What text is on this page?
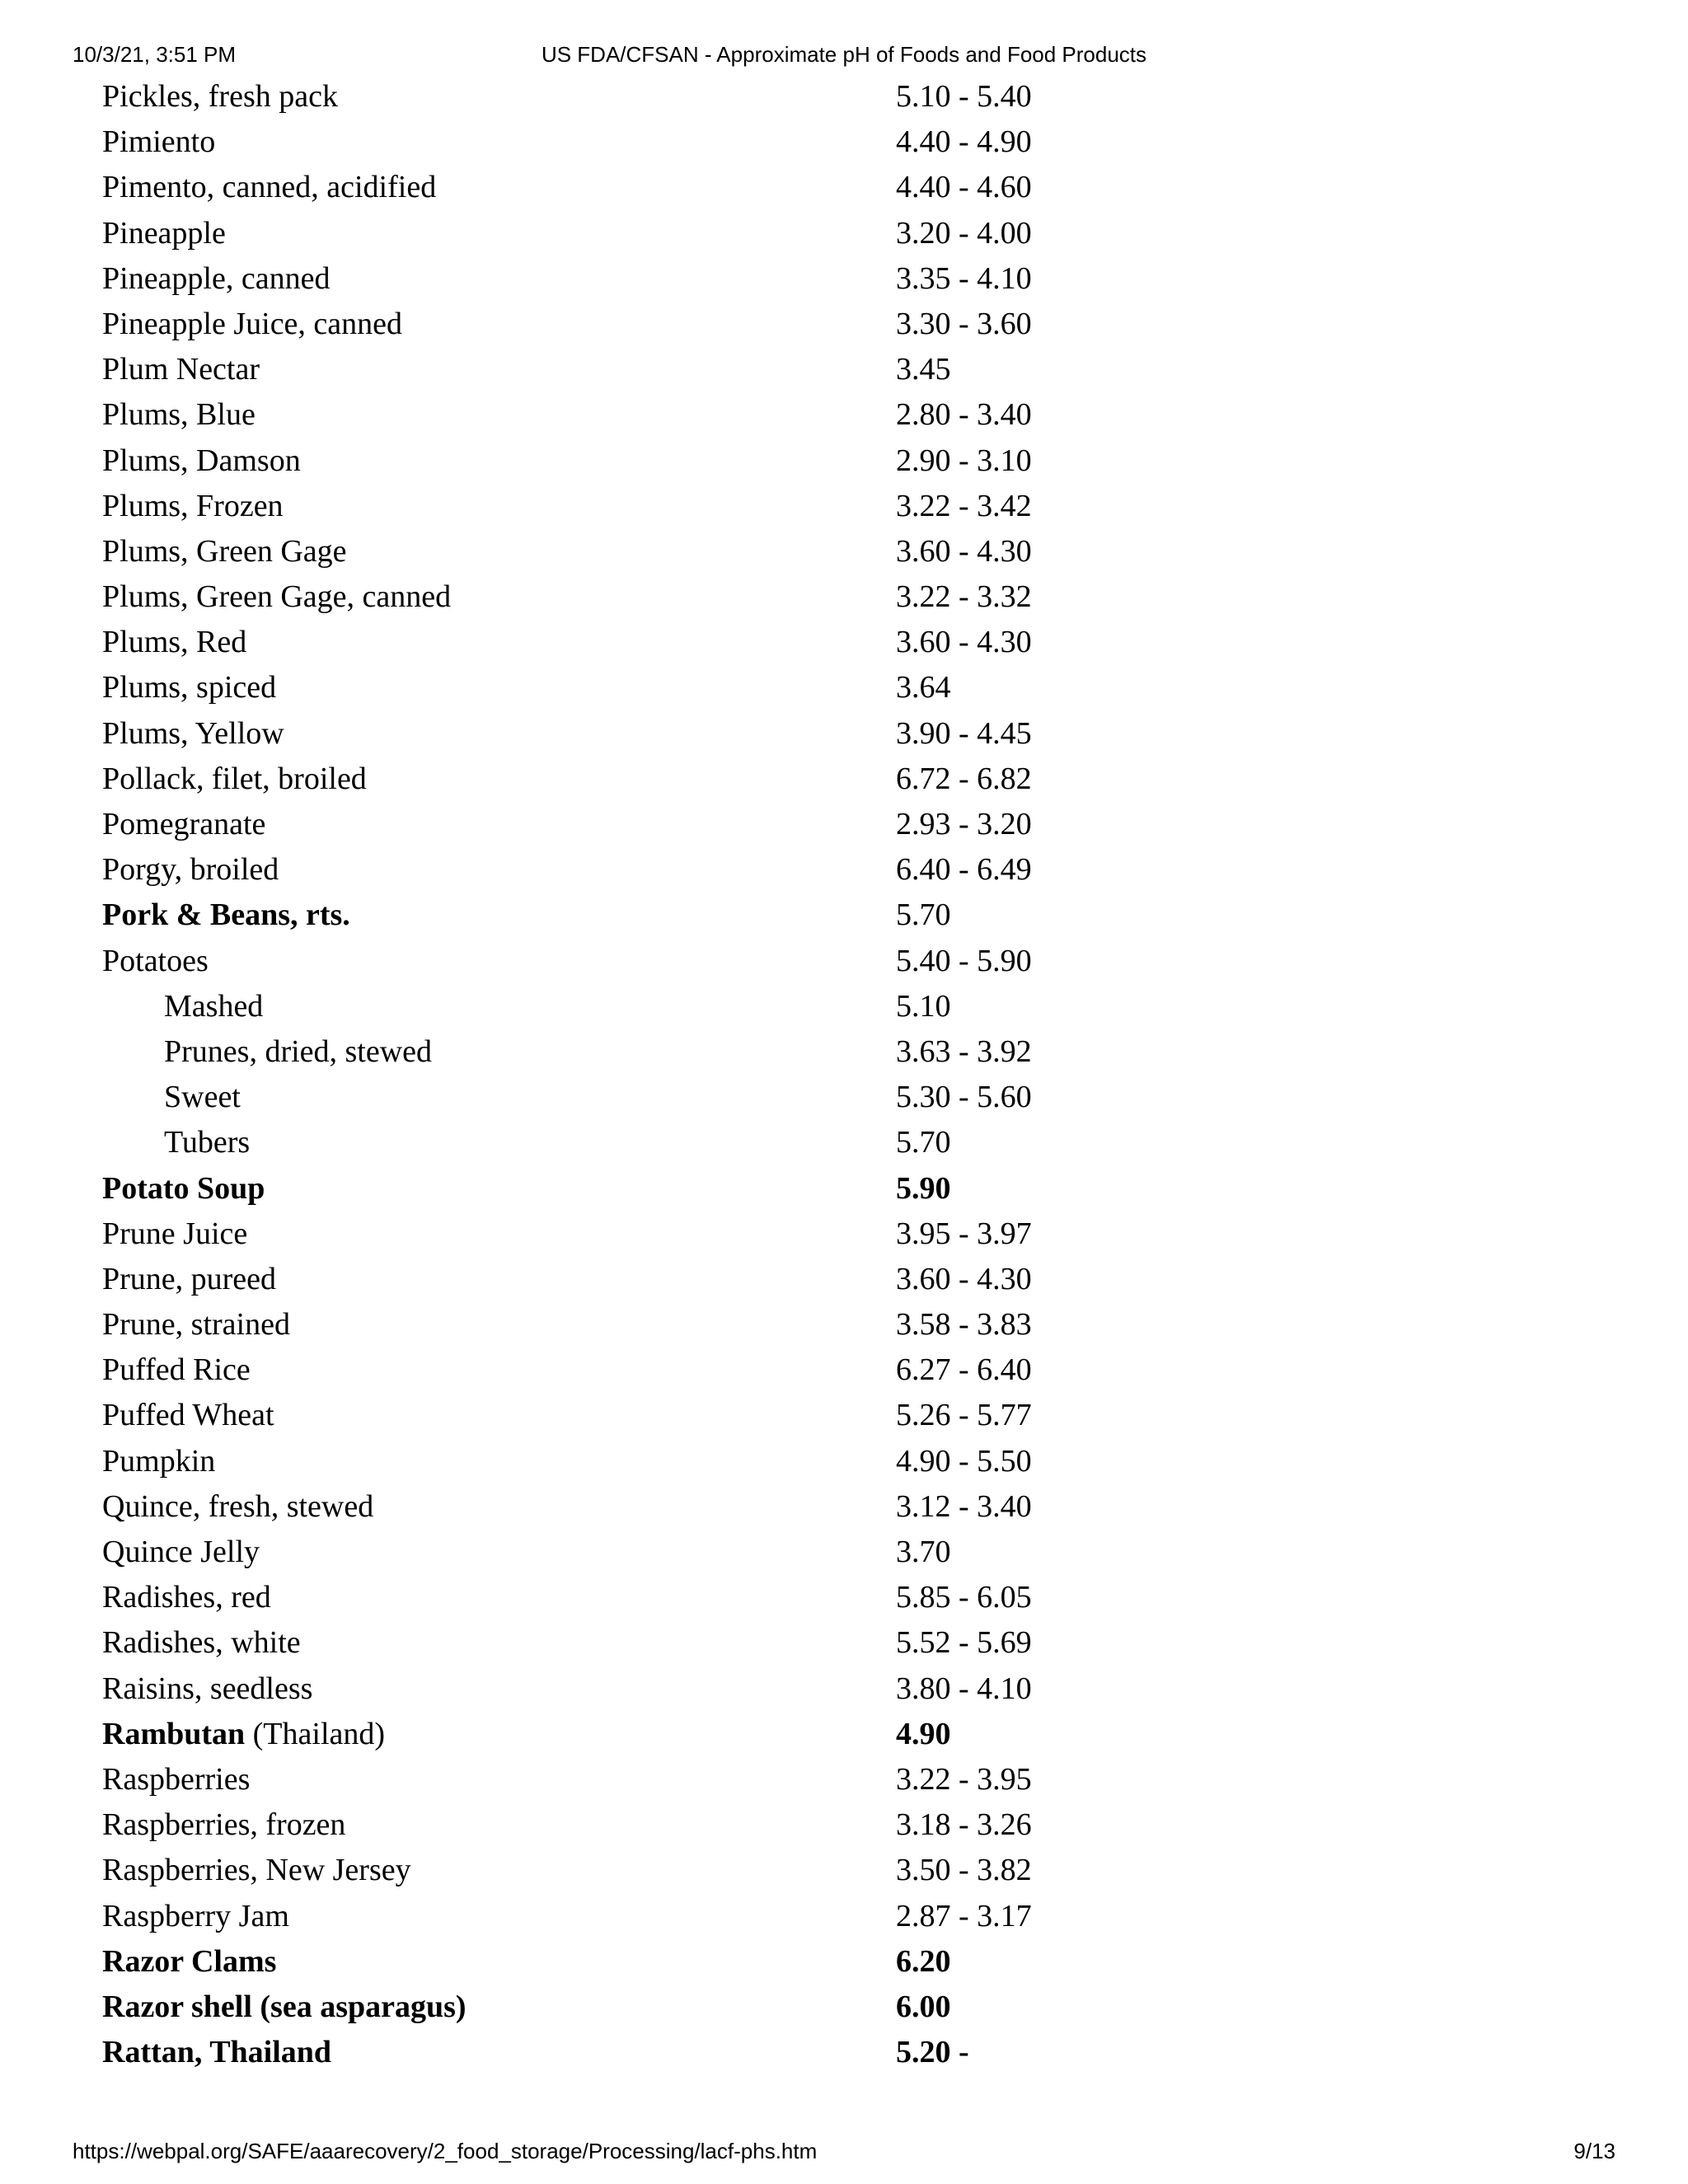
US FDA/CFSAN - Approximate pH of Foods and Food Products
10/3/21, 3:51 PM
Pickles, fresh pack	5.10 - 5.40
Pimiento	4.40 - 4.90
Pimento, canned, acidified	4.40 - 4.60
Pineapple	3.20 - 4.00
Pineapple, canned	3.35 - 4.10
Pineapple Juice, canned	3.30 - 3.60
Plum Nectar	3.45
Plums, Blue	2.80 - 3.40
Plums, Damson	2.90 - 3.10
Plums, Frozen	3.22 - 3.42
Plums, Green Gage	3.60 - 4.30
Plums, Green Gage, canned	3.22 - 3.32
Plums, Red	3.60 - 4.30
Plums, spiced	3.64
Plums, Yellow	3.90 - 4.45
Pollack, filet, broiled	6.72 - 6.82
Pomegranate	2.93 - 3.20
Porgy, broiled	6.40 - 6.49
Pork & Beans, rts.	5.70
Potatoes	5.40 - 5.90
Mashed	5.10
Prunes, dried, stewed	3.63 - 3.92
Sweet	5.30 - 5.60
Tubers	5.70
Potato Soup	5.90
Prune Juice	3.95 - 3.97
Prune, pureed	3.60 - 4.30
Prune, strained	3.58 - 3.83
Puffed Rice	6.27 - 6.40
Puffed Wheat	5.26 - 5.77
Pumpkin	4.90 - 5.50
Quince, fresh, stewed	3.12 - 3.40
Quince Jelly	3.70
Radishes, red	5.85 - 6.05
Radishes, white	5.52 - 5.69
Raisins, seedless	3.80 - 4.10
Rambutan (Thailand)	4.90
Raspberries	3.22 - 3.95
Raspberries, frozen	3.18 - 3.26
Raspberries, New Jersey	3.50 - 3.82
Raspberry Jam	2.87 - 3.17
Razor Clams	6.20
Razor shell (sea asparagus)	6.00
Rattan, Thailand	5.20 -
https://webpal.org/SAFE/aaarecovery/2_food_storage/Processing/lacf-phs.htm	9/13
